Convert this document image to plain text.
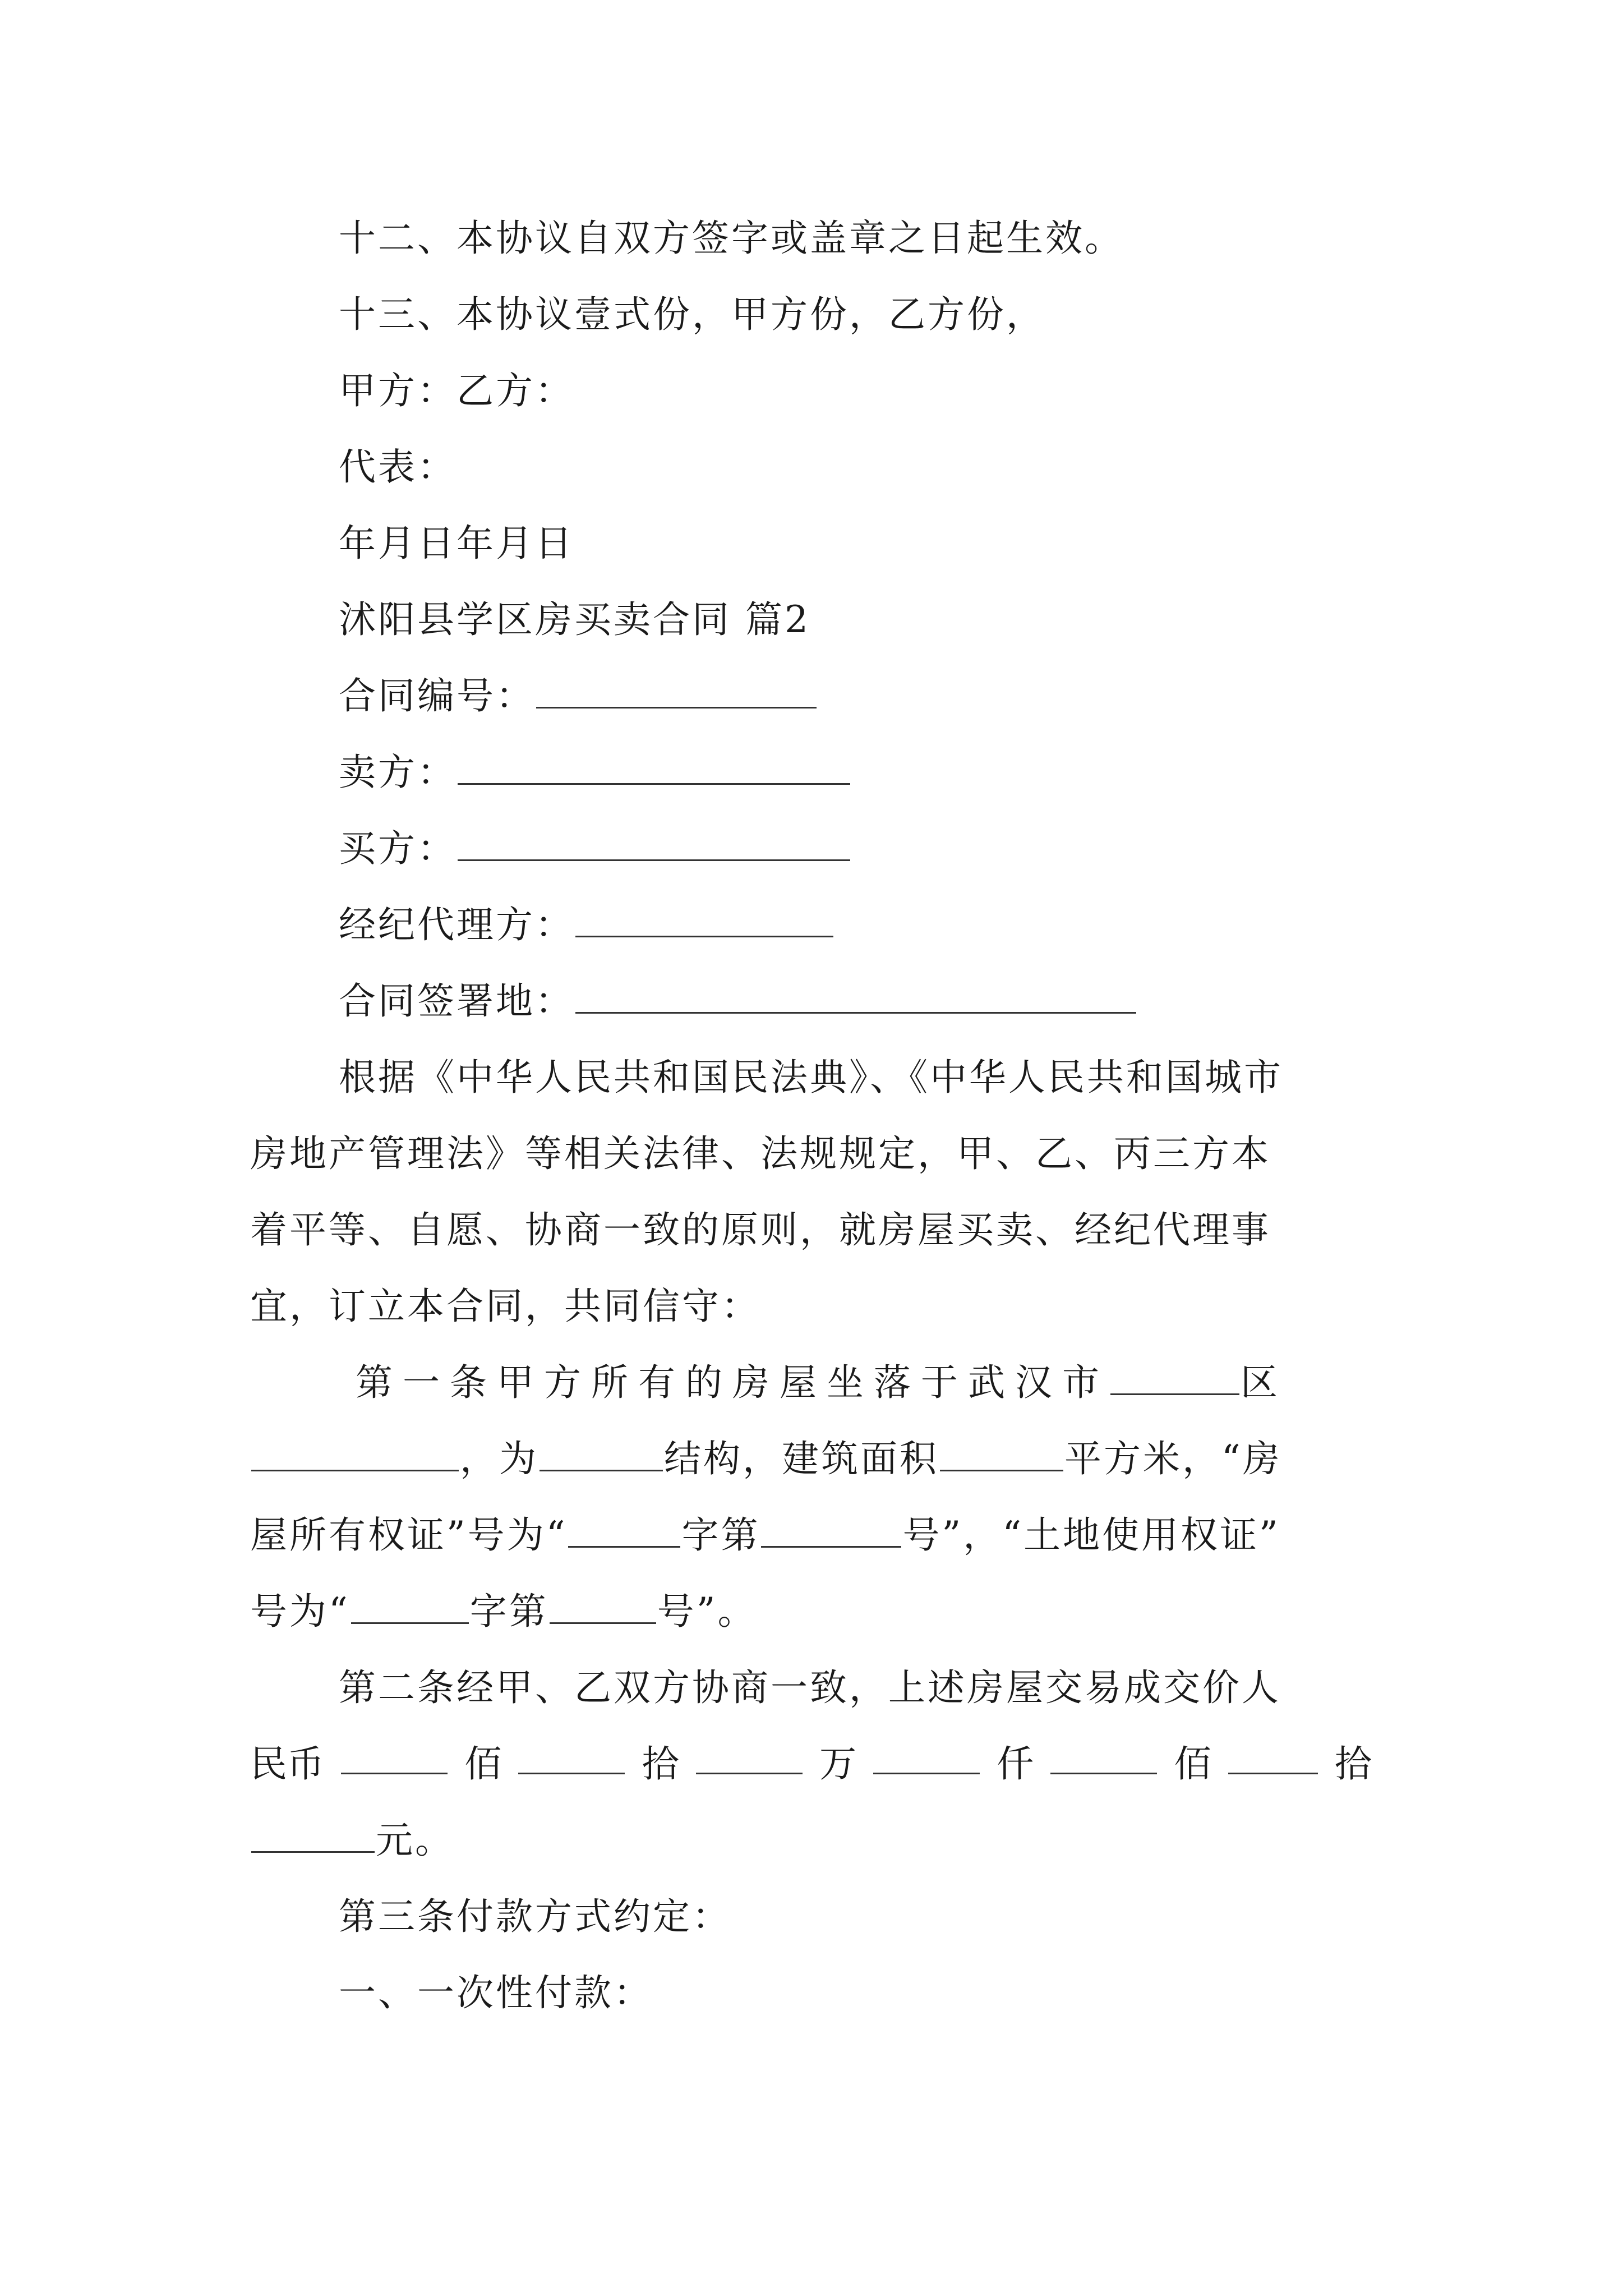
十二、本协议自双方签字或盖章之日起生效。
十三、本协议壹式份，甲方份，乙方份，
甲方：乙方：
代表：
年月日年月日
沭阳县学区房买卖合同 篇2
合同编号：
卖方：
买方：
经纪代理方：
合同签署地：
根据《中华人民共和国民法典》、《中华人民共和国城市
房地产管理法》等相关法律、法规规定，甲、乙、丙三方本
着平等、自愿、协商一致的原则，就房屋买卖、经纪代理事
宜，订立本合同，共同信守：
第一条甲方所有的房屋坐落于武汉市	区
，为	结构，建筑面积	平方米，“房
屋所有权证”号为“	字第	号”，“土地使用权证”
号为“	字第	号”。
第二条经甲、乙双方协商一致，上述房屋交易成交价人
民币	佰	拾	万	仟	佰	拾
元。
第三条付款方式约定：
一、一次性付款：
